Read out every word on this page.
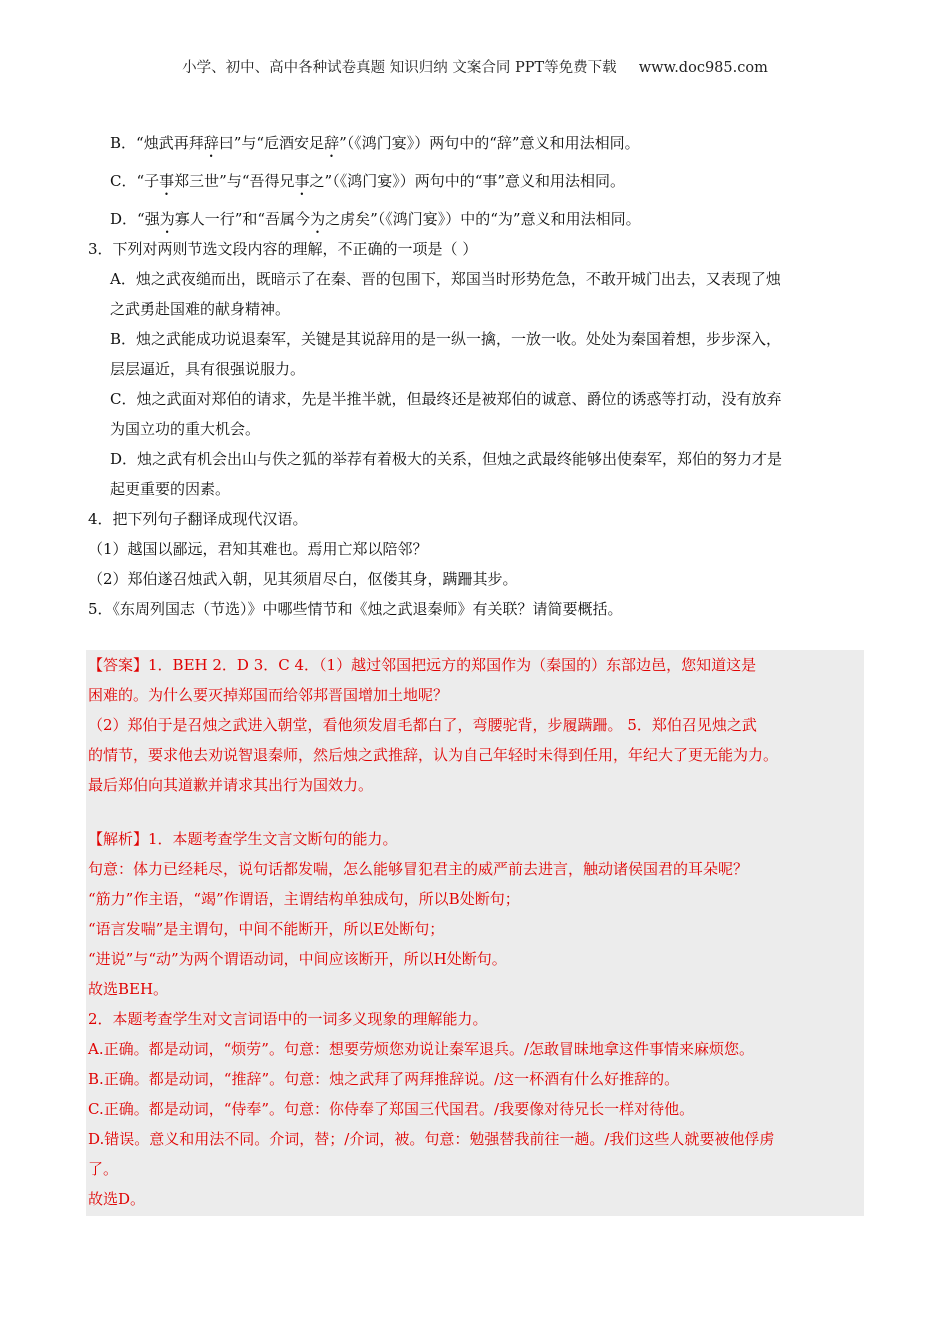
小学、初中、高中各种试卷真题 知识归纳 文案合同 PPT等免费下载 www.doc985.com

B．“烛武再拜辞曰”与“卮酒安足辞”（《鸿门宴》）两句中的“辞”意义和用法相同。

C．“子事郑三世”与“吾得兄事之”（《鸿门宴》）两句中的“事”意义和用法相同。

D．“强为寡人一行”和“吾属今为之虏矣”（《鸿门宴》）中的“为”意义和用法相同。

3．下列对两则节选文段内容的理解，不正确的一项是（ ）

A．烛之武夜缒而出，既暗示了在秦、晋的包围下，郑国当时形势危急，不敢开城门出去，又表现了烛

之武勇赴国难的献身精神。

B．烛之武能成功说退秦军，关键是其说辞用的是一纵一擒，一放一收。处处为秦国着想，步步深入，

层层逼近，具有很强说服力。

C．烛之武面对郑伯的请求，先是半推半就，但最终还是被郑伯的诚意、爵位的诱惑等打动，没有放弃

为国立功的重大机会。

D．烛之武有机会出山与佚之狐的举荐有着极大的关系，但烛之武最终能够出使秦军，郑伯的努力才是

起更重要的因素。

4．把下列句子翻译成现代汉语。

（1）越国以鄙远，君知其难也。焉用亡郑以陪邻？

（2）郑伯遂召烛武入朝，见其须眉尽白，伛偻其身，蹒跚其步。

5．《东周列国志（节选）》中哪些情节和《烛之武退秦师》有关联？请简要概括。

【答案】1．BEH 2．D 3．C 4．（1）越过邻国把远方的郑国作为（秦国的）东部边邑，您知道这是

困难的。为什么要灭掉郑国而给邻邦晋国增加土地呢？

（2）郑伯于是召烛之武进入朝堂，看他须发眉毛都白了，弯腰驼背，步履蹒跚。 5．郑伯召见烛之武

的情节，要求他去劝说智退秦师，然后烛之武推辞，认为自己年轻时未得到任用，年纪大了更无能为力。

最后郑伯向其道歉并请求其出行为国效力。

【解析】1．本题考查学生文言文断句的能力。

句意：体力已经耗尽，说句话都发喘，怎么能够冒犯君主的威严前去进言，触动诸侯国君的耳朵呢？

“筋力”作主语，“竭”作谓语，主谓结构单独成句，所以B处断句；

“语言发喘”是主谓句，中间不能断开，所以E处断句；

“进说”与“动”为两个谓语动词，中间应该断开，所以H处断句。

故选BEH。

2．本题考查学生对文言词语中的一词多义现象的理解能力。

A.正确。都是动词，“烦劳”。句意：想要劳烦您劝说让秦军退兵。/怎敢冒昧地拿这件事情来麻烦您。

B.正确。都是动词，“推辞”。句意：烛之武拜了两拜推辞说。/这一杯酒有什么好推辞的。

C.正确。都是动词，“侍奉”。句意：你侍奉了郑国三代国君。/我要像对待兄长一样对待他。

D.错误。意义和用法不同。介词，替；/介词，被。句意：勉强替我前往一趟。/我们这些人就要被他俘虏

了。

故选D。
